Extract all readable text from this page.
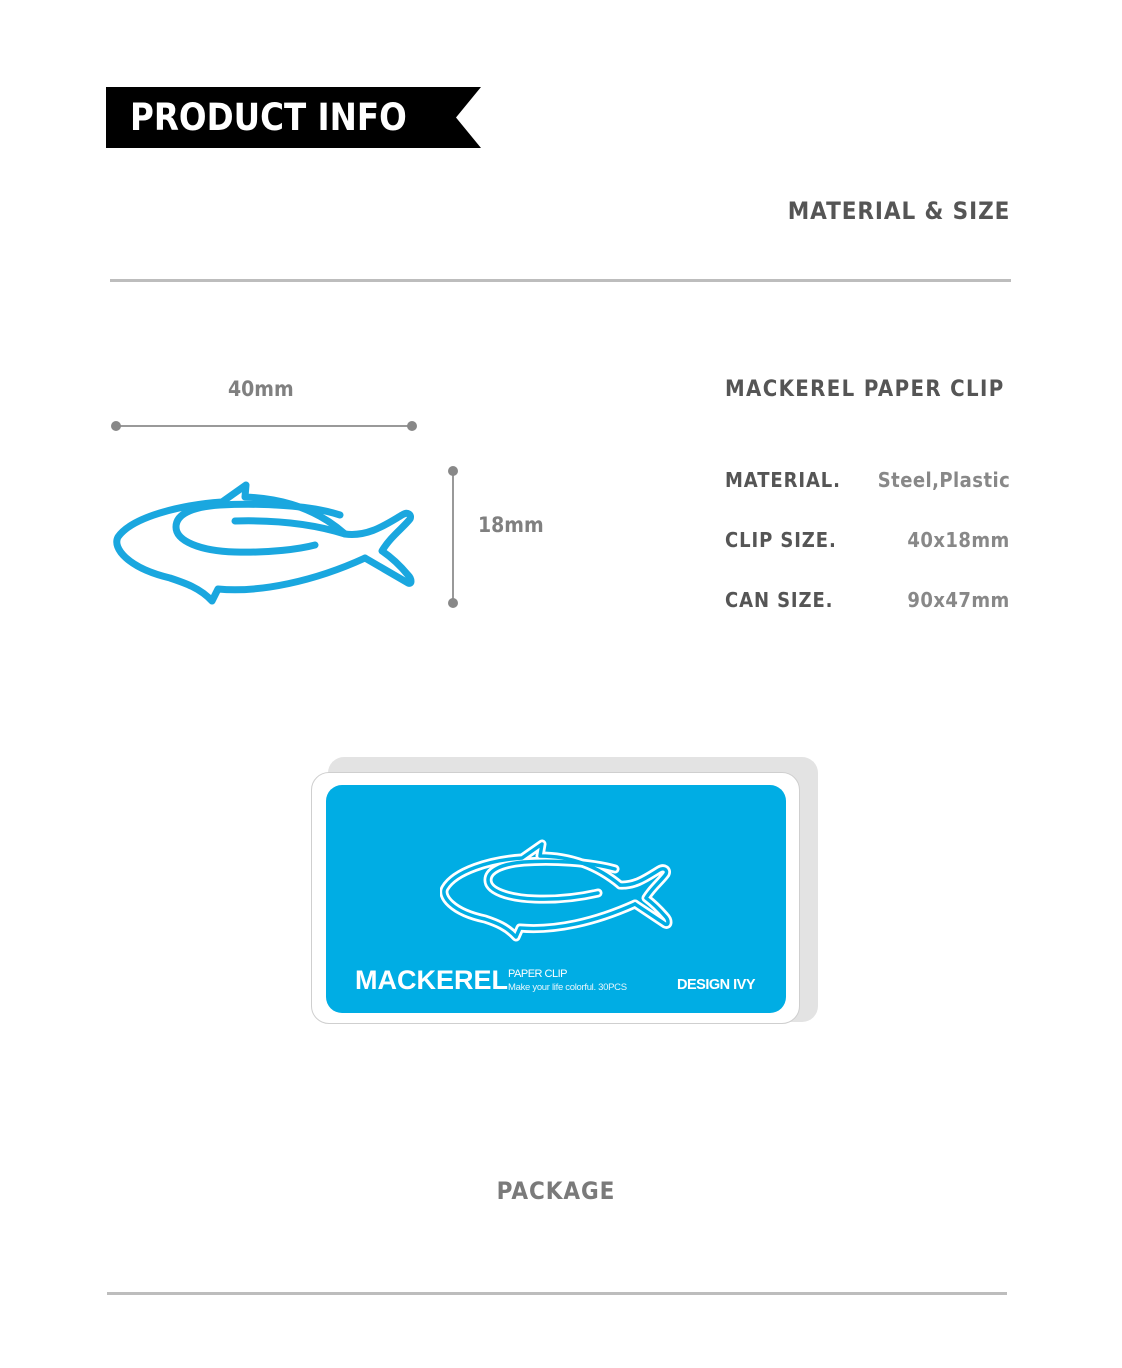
PRODUCT INFO
MATERIAL & SIZE
40mm
18mm
MACKEREL PAPER CLIP
MATERIAL. Steel,Plastic
CLIP SIZE.	40x18mm
CAN SIZE.	90x47mm
MACKEREL PAPER CLIP
Make your life colorful. 30PCS	DESIGN IVY
PACKAGE
